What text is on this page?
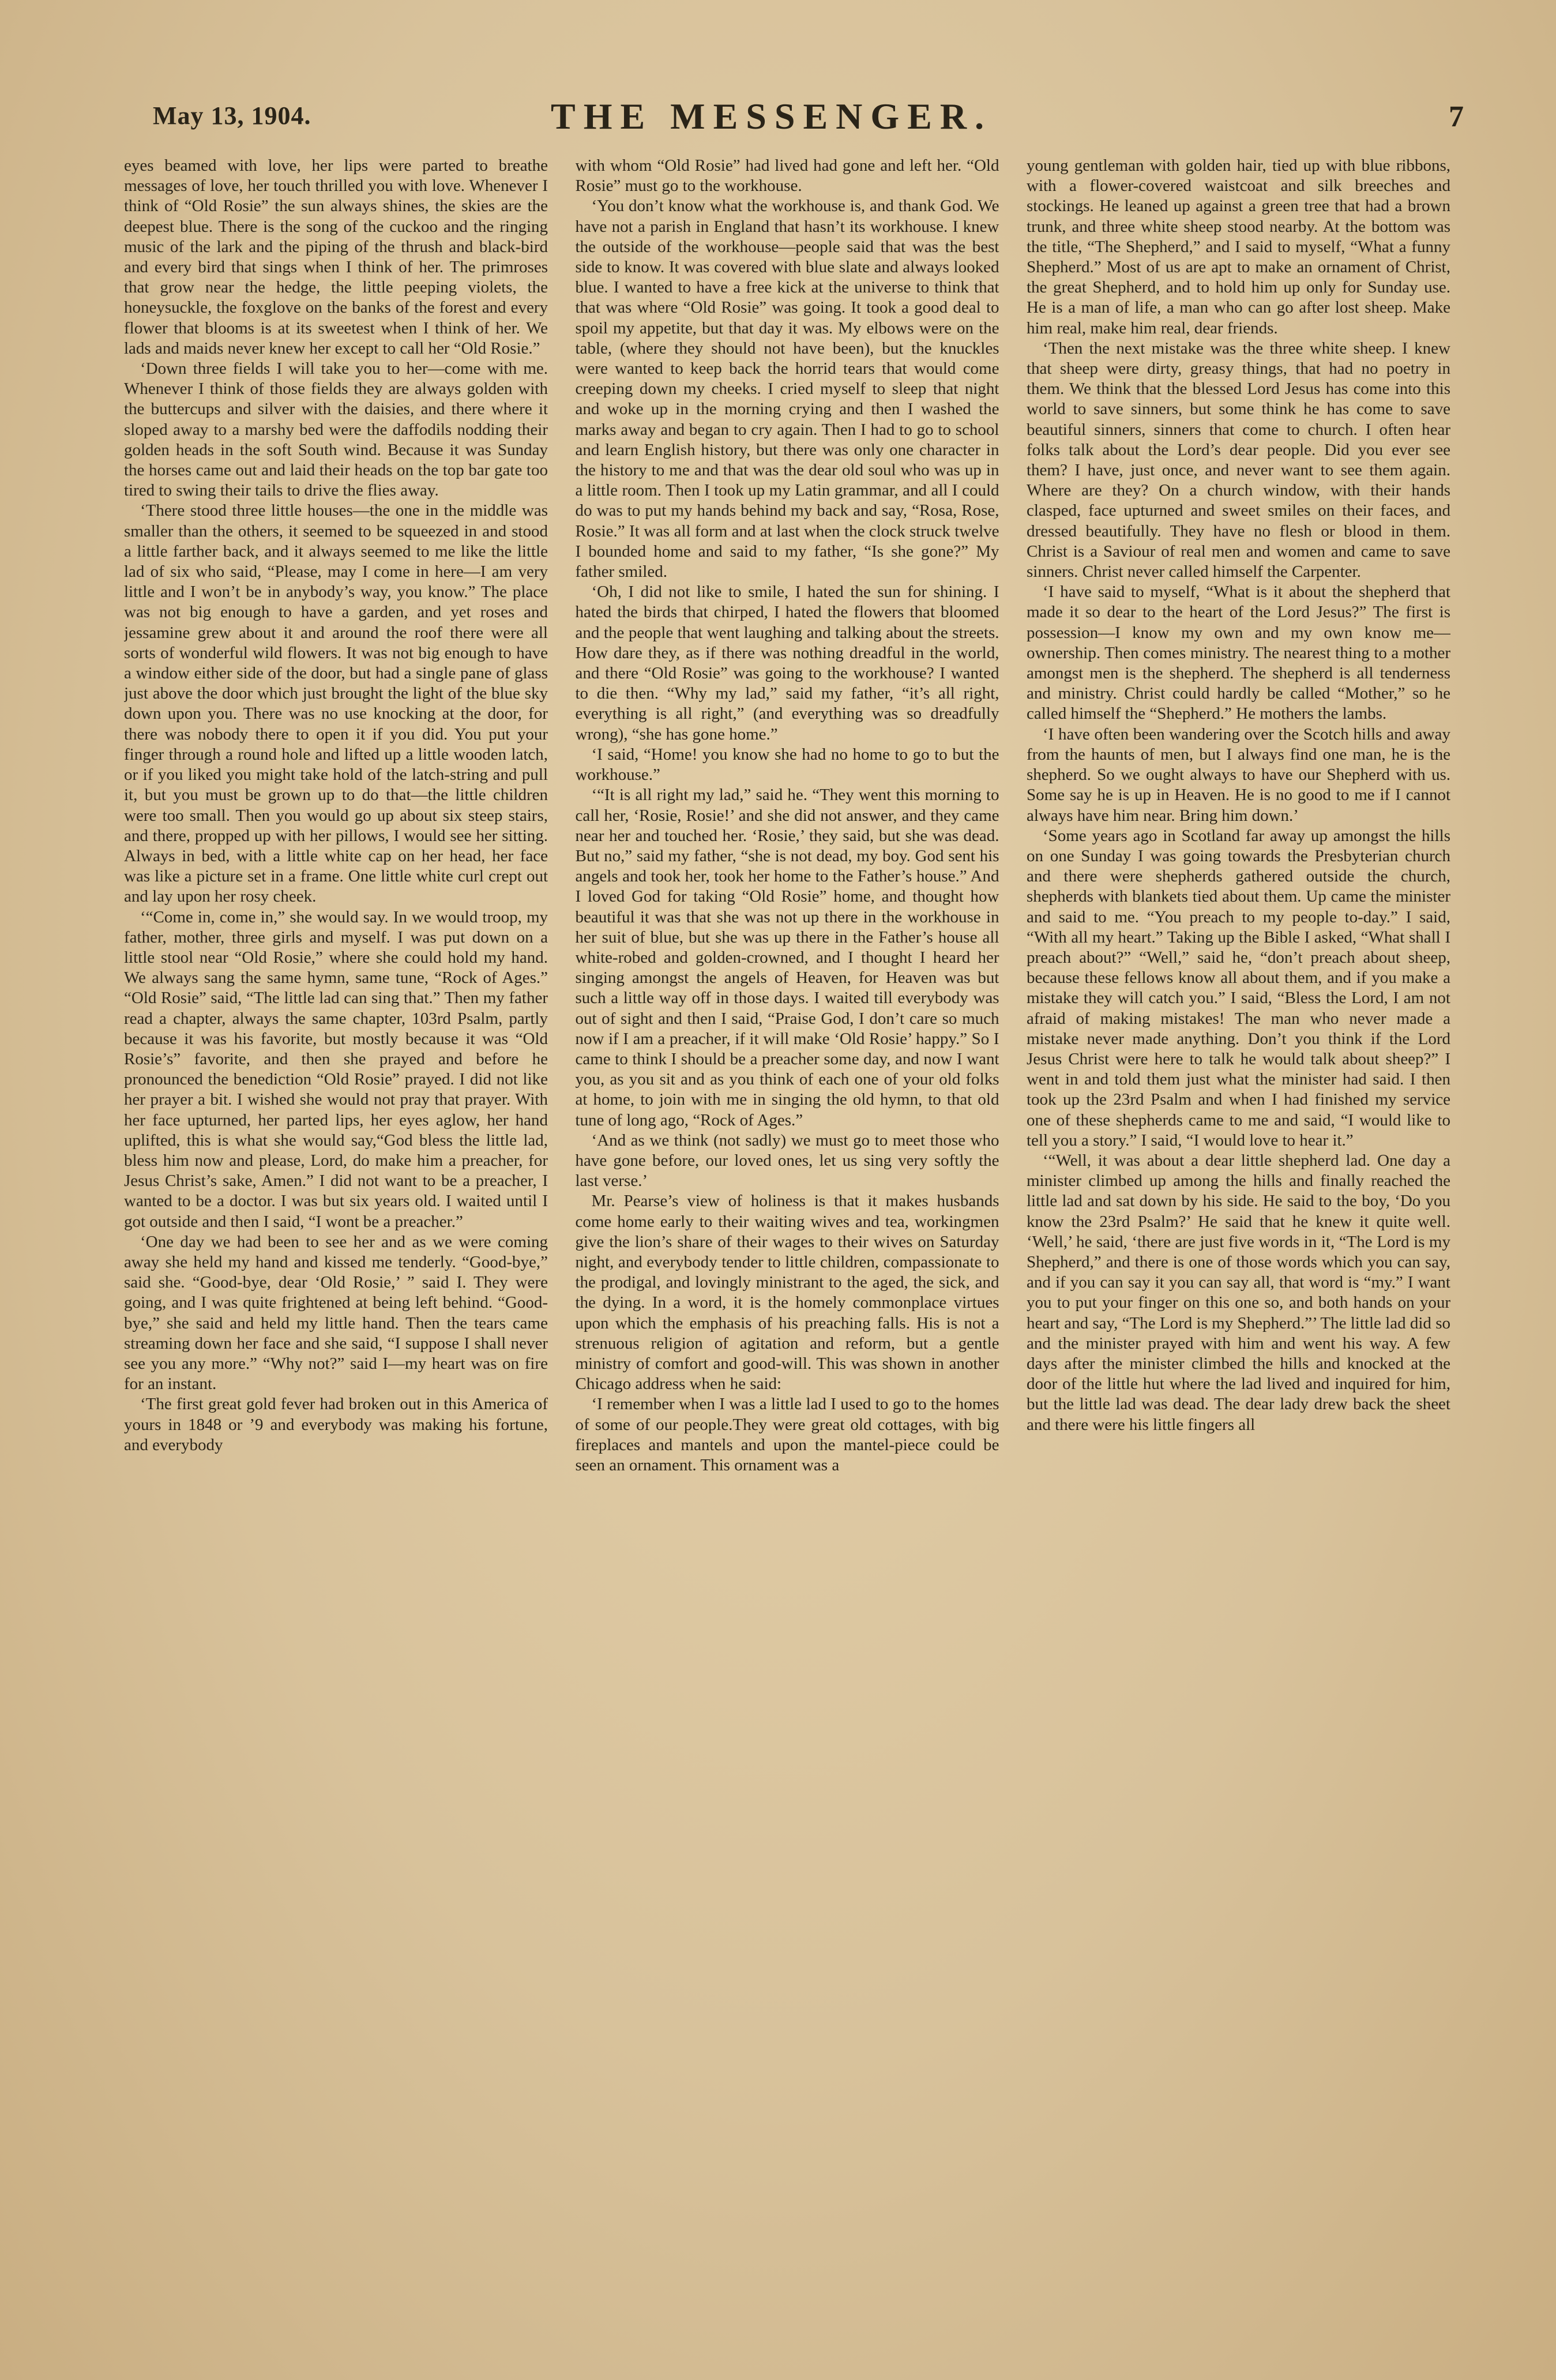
May 13, 1904.	THE MESSENGER.	7

eyes beamed with love, her lips were parted to breathe messages of love, her touch thrilled you with love. Whenever I think of “Old Rosie” the sun always shines, the skies are the deepest blue. There is the song of the cuckoo and the ringing music of the lark and the piping of the thrush and black-bird and every bird that sings when I think of her. The primroses that grow near the hedge, the little peeping violets, the honeysuckle, the foxglove on the banks of the forest and every flower that blooms is at its sweetest when I think of her. We lads and maids never knew her except to call her “Old Rosie.”

‘Down three fields I will take you to her—come with me. Whenever I think of those fields they are always golden with the buttercups and silver with the daisies, and there where it sloped away to a marshy bed were the daffodils nodding their golden heads in the soft South wind. Because it was Sunday the horses came out and laid their heads on the top bar gate too tired to swing their tails to drive the flies away.

‘There stood three little houses—the one in the middle was smaller than the others, it seemed to be squeezed in and stood a little farther back, and it always seemed to me like the little lad of six who said, “Please, may I come in here—I am very little and I won’t be in anybody’s way, you know.” The place was not big enough to have a garden, and yet roses and jessamine grew about it and around the roof there were all sorts of wonderful wild flowers. It was not big enough to have a window either side of the door, but had a single pane of glass just above the door which just brought the light of the blue sky down upon you. There was no use knocking at the door, for there was nobody there to open it if you did. You put your finger through a round hole and lifted up a little wooden latch, or if you liked you might take hold of the latch-string and pull it, but you must be grown up to do that—the little children were too small. Then you would go up about six steep stairs, and there, propped up with her pillows, I would see her sitting. Always in bed, with a little white cap on her head, her face was like a picture set in a frame. One little white curl crept out and lay upon her rosy cheek.

‘“Come in, come in,” she would say. In we would troop, my father, mother, three girls and myself. I was put down on a little stool near “Old Rosie,” where she could hold my hand. We always sang the same hymn, same tune, “Rock of Ages.” “Old Rosie” said, “The little lad can sing that.” Then my father read a chapter, always the same chapter, 103rd Psalm, partly because it was his favorite, but mostly because it was “Old Rosie’s” favorite, and then she prayed and before he pronounced the benediction “Old Rosie” prayed. I did not like her prayer a bit. I wished she would not pray that prayer. With her face upturned, her parted lips, her eyes aglow, her hand uplifted, this is what she would say,“God bless the little lad, bless him now and please, Lord, do make him a preacher, for Jesus Christ’s sake, Amen.” I did not want to be a preacher, I wanted to be a doctor. I was but six years old. I waited until I got outside and then I said, “I wont be a preacher.”

‘One day we had been to see her and as we were coming away she held my hand and kissed me tenderly. “Good-bye,” said she. “Good-bye, dear ‘Old Rosie,’ ” said I. They were going, and I was quite frightened at being left behind. “Good-bye,” she said and held my little hand. Then the tears came streaming down her face and she said, “I suppose I shall never see you any more.” “Why not?” said I—my heart was on fire for an instant.

‘The first great gold fever had broken out in this America of yours in 1848 or ’9 and everybody was making his fortune, and everybody

with whom “Old Rosie” had lived had gone and left her. “Old Rosie” must go to the workhouse.

‘You don’t know what the workhouse is, and thank God. We have not a parish in England that hasn’t its workhouse. I knew the outside of the workhouse—people said that was the best side to know. It was covered with blue slate and always looked blue. I wanted to have a free kick at the universe to think that that was where “Old Rosie” was going. It took a good deal to spoil my appetite, but that day it was. My elbows were on the table, (where they should not have been), but the knuckles were wanted to keep back the horrid tears that would come creeping down my cheeks. I cried myself to sleep that night and woke up in the morning crying and then I washed the marks away and began to cry again. Then I had to go to school and learn English history, but there was only one character in the history to me and that was the dear old soul who was up in a little room. Then I took up my Latin grammar, and all I could do was to put my hands behind my back and say, “Rosa, Rose, Rosie.” It was all form and at last when the clock struck twelve I bounded home and said to my father, “Is she gone?” My father smiled.

‘Oh, I did not like to smile, I hated the sun for shining. I hated the birds that chirped, I hated the flowers that bloomed and the people that went laughing and talking about the streets. How dare they, as if there was nothing dreadful in the world, and there “Old Rosie” was going to the workhouse? I wanted to die then. “Why my lad,” said my father, “it’s all right, everything is all right,” (and everything was so dreadfully wrong), “she has gone home.”

‘I said, “Home! you know she had no home to go to but the workhouse.”

‘“It is all right my lad,” said he. “They went this morning to call her, ‘Rosie, Rosie!’ and she did not answer, and they came near her and touched her. ‘Rosie,’ they said, but she was dead. But no,” said my father, “she is not dead, my boy. God sent his angels and took her, took her home to the Father’s house.” And I loved God for taking “Old Rosie” home, and thought how beautiful it was that she was not up there in the workhouse in her suit of blue, but she was up there in the Father’s house all white-robed and golden-crowned, and I thought I heard her singing amongst the angels of Heaven, for Heaven was but such a little way off in those days. I waited till everybody was out of sight and then I said, “Praise God, I don’t care so much now if I am a preacher, if it will make ‘Old Rosie’ happy.” So I came to think I should be a preacher some day, and now I want you, as you sit and as you think of each one of your old folks at home, to join with me in singing the old hymn, to that old tune of long ago, “Rock of Ages.”

‘And as we think (not sadly) we must go to meet those who have gone before, our loved ones, let us sing very softly the last verse.’

Mr. Pearse’s view of holiness is that it makes husbands come home early to their waiting wives and tea, workingmen give the lion’s share of their wages to their wives on Saturday night, and everybody tender to little children, compassionate to the prodigal, and lovingly ministrant to the aged, the sick, and the dying. In a word, it is the homely commonplace virtues upon which the emphasis of his preaching falls. His is not a strenuous religion of agitation and reform, but a gentle ministry of comfort and good-will. This was shown in another Chicago address when he said:

‘I remember when I was a little lad I used to go to the homes of some of our people.They were great old cottages, with big fireplaces and mantels and upon the mantel-piece could be seen an ornament. This ornament was a

young gentleman with golden hair, tied up with blue ribbons, with a flower-covered waistcoat and silk breeches and stockings. He leaned up against a green tree that had a brown trunk, and three white sheep stood nearby. At the bottom was the title, “The Shepherd,” and I said to myself, “What a funny Shepherd.” Most of us are apt to make an ornament of Christ, the great Shepherd, and to hold him up only for Sunday use. He is a man of life, a man who can go after lost sheep. Make him real, make him real, dear friends.

‘Then the next mistake was the three white sheep. I knew that sheep were dirty, greasy things, that had no poetry in them. We think that the blessed Lord Jesus has come into this world to save sinners, but some think he has come to save beautiful sinners, sinners that come to church. I often hear folks talk about the Lord’s dear people. Did you ever see them? I have, just once, and never want to see them again. Where are they? On a church window, with their hands clasped, face upturned and sweet smiles on their faces, and dressed beautifully. They have no flesh or blood in them. Christ is a Saviour of real men and women and came to save sinners. Christ never called himself the Carpenter.

‘I have said to myself, “What is it about the shepherd that made it so dear to the heart of the Lord Jesus?” The first is possession—I know my own and my own know me—ownership. Then comes ministry. The nearest thing to a mother amongst men is the shepherd. The shepherd is all tenderness and ministry. Christ could hardly be called “Mother,” so he called himself the “Shepherd.” He mothers the lambs.

‘I have often been wandering over the Scotch hills and away from the haunts of men, but I always find one man, he is the shepherd. So we ought always to have our Shepherd with us. Some say he is up in Heaven. He is no good to me if I cannot always have him near. Bring him down.’

‘Some years ago in Scotland far away up amongst the hills on one Sunday I was going towards the Presbyterian church and there were shepherds gathered outside the church, shepherds with blankets tied about them. Up came the minister and said to me. “You preach to my people to-day.” I said, “With all my heart.” Taking up the Bible I asked, “What shall I preach about?” “Well,” said he, “don’t preach about sheep, because these fellows know all about them, and if you make a mistake they will catch you.” I said, “Bless the Lord, I am not afraid of making mistakes! The man who never made a mistake never made anything. Don’t you think if the Lord Jesus Christ were here to talk he would talk about sheep?” I went in and told them just what the minister had said. I then took up the 23rd Psalm and when I had finished my service one of these shepherds came to me and said, “I would like to tell you a story.” I said, “I would love to hear it.”

‘“Well, it was about a dear little shepherd lad. One day a minister climbed up among the hills and finally reached the little lad and sat down by his side. He said to the boy, ‘Do you know the 23rd Psalm?’ He said that he knew it quite well. ‘Well,’ he said, ‘there are just five words in it, “The Lord is my Shepherd,” and there is one of those words which you can say, and if you can say it you can say all, that word is “my.” I want you to put your finger on this one so, and both hands on your heart and say, “The Lord is my Shepherd.”’ The little lad did so and the minister prayed with him and went his way. A few days after the minister climbed the hills and knocked at the door of the little hut where the lad lived and inquired for him, but the little lad was dead. The dear lady drew back the sheet and there were his little fingers all
